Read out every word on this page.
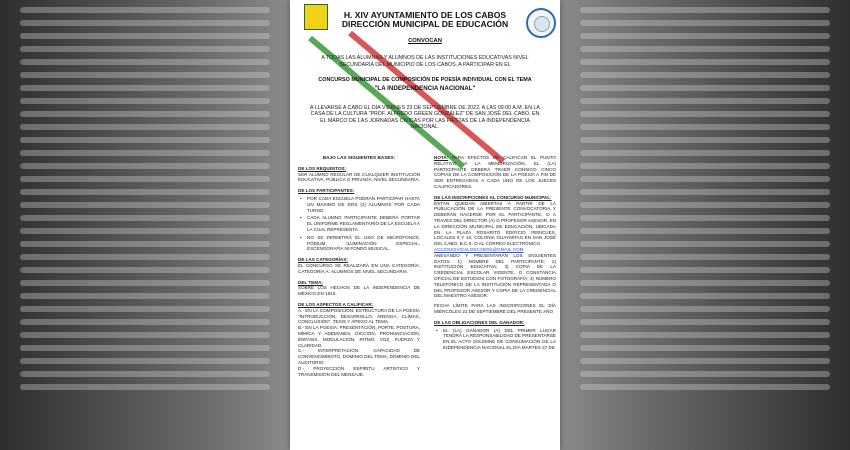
H. XIV AYUNTAMIENTO DE LOS CABOS
DIRECCIÓN MUNICIPAL DE EDUCACIÓN
CONVOCAN
A TODAS LAS ALUMNAS Y ALUMNOS DE LAS INSTITUCIONES EDUCATIVAS NIVEL SECUNDARIA DEL MUNICIPIO DE LOS CABOS, A PARTICIPAR EN EL
CONCURSO MUNICIPAL DE COMPOSICIÓN DE POESÍA INDIVIDUAL CON EL TEMA
"LA INDEPENDENCIA NACIONAL"
A LLEVARSE A CABO EL DÍA VIERNES 23 DE SEPTIEMBRE DE 2022, A LAS 09:00 A.M. EN LA CASA DE LA CULTURA "PROF. ALFREDO GREEN GONZÁLEZ" DE SAN JOSÉ DEL CABO, EN EL MARCO DE LAS JORNADAS CÍVICAS POR LAS FIESTAS DE LA INDEPENDENCIA NACIONAL.
BAJO LAS SIGUIENTES BASES:
DE LOS REQUISITOS:

SER ALUMNO REGULAR DE CUALQUIER INSTITUCIÓN EDUCATIVA, PÚBLICA O PRIVADA, NIVEL SECUNDARIA.

DE LOS PARTICIPANTES:
• POR CADA ESCUELA PODRÁN PARTICIPAR HASTA UN MÁXIMO DE DOS (2) ALUMNOS POR CADA TURNO.
• CADA ALUMNO PARTICIPANTE DEBERÁ PORTAR EL UNIFORME REGLAMENTARIO DE LA ESCUELA A LA CUAL REPRESENTA.
• NO SE PERMITIRÁ EL USO DE MICRÓFONOS, PÓDIUM, ILUMINACIÓN ESPECIAL, ESCENOGRAFÍA NI FONDO MUSICAL.
DE LAS CATEGORÍAS:

EL CONCURSO SE REALIZARÁ EN UNA CATEGORÍA: CATEGORÍA A: ALUMNOS DE NIVEL SECUNDARIA.

DEL TEMA:

SOBRE LOS HECHOS DE LA INDEPENDENCIA DE MÉXICO EN 1810.

DE LOS ASPECTOS A CALIFICAR:

A.- EN LA COMPOSICIÓN: ESTRUCTURA DE LA POESÍA "INTRODUCCIÓN, DESARROLLO, ARENGA, CLÍMAX, CONCLUSIÓN", TESIS Y APEGO AL TEMA.

B.- EN LA POESÍA: PRESENTACIÓN, PORTE, POSTURA, MÍMICA Y ADEMANES, DICCIÓN, PRONUNCIACIÓN, ÉNFASIS, MODULACIÓN, RITMO, VOZ, FUERZA Y CLARIDAD.

C.- INTERPRETACIÓN: CAPACIDAD DE CONVENCIMIENTO, DOMINIO DEL TEMA, DOMINIO DEL AUDITORIO.

D.- PROYECCIÓN ESPÍRITU ARTÍSTICO Y TRANSMISIÓN DEL MENSAJE.

NOTA: PARA EFECTOS DE CALIFICAR EL PUNTO RELATIVO A LA MEMORIZACIÓN, EL (LA) PARTICIPANTE DEBERÁ TRAER CONSIGO CINCO COPIAS DE LA COMPOSICIÓN DE LA POESÍA A FIN DE SER ENTREGADAS A CADA UNO DE LOS JUECES CALIFICADORES.

DE LAS INSCRIPCIONES AL CONCURSO MUNICIPAL:

ESTÁN QUEDAN ABIERTAS A PARTIR DE LA PUBLICACIÓN DE LA PRESENTE CONVOCATORIA Y DEBERÁN HACERSE POR EL PARTICIPANTE, O A TRAVÉS DEL DIRECTOR (A) O PROFESOR ASESOR, EN LA DIRECCIÓN MUNICIPAL DE EDUCACIÓN, UBICADA EN LA PLAZA ROSARITO EDIFICIO PERICÚES, LOCALES 9 Y 10, COLONIA GUAYMITAS EN SAN JOSÉ DEL CABO, B.C.S. O AL CORREO ELECTRÓNICO

ACCIONCIVICALOSCABOS@GMAIL.COM

ANEXANDO Y PRESENTARÁN LOS SIGUIENTES DATOS: 1) NOMBRE DEL PARTICIPANTE; 2) INSTITUCIÓN EDUCATIVA; 3) COPIA DE LA CREDENCIAL ESCOLAR VIGENTE, O CONSTANCIA OFICIAL DE ESTUDIOS CON FOTOGRAFÍA; 4) NÚMERO TELEFÓNICO DE LA INSTITUCIÓN REPRESENTADA O DEL PROFESOR ASESOR Y COPIA DE LA CREDENCIAL DEL MAESTRO ASESOR.

FECHA LÍMITE PARA LAS INSCRIPCIONES EL DÍA MIÉRCOLES 21 DE SEPTIEMBRE DEL PRESENTE AÑO

DE LAS OBLIGACIONES DEL GANADOR:
• EL (LA) GANADOR (A) DEL PRIMER LUGAR TENDRÁ LA RESPONSABILIDAD DE PRESENTARSE EN EL ACTO SOLEMNE DE CONSUMACIÓN DE LA INDEPENDENCIA NACIONAL EL DÍA MARTES 27 DE
